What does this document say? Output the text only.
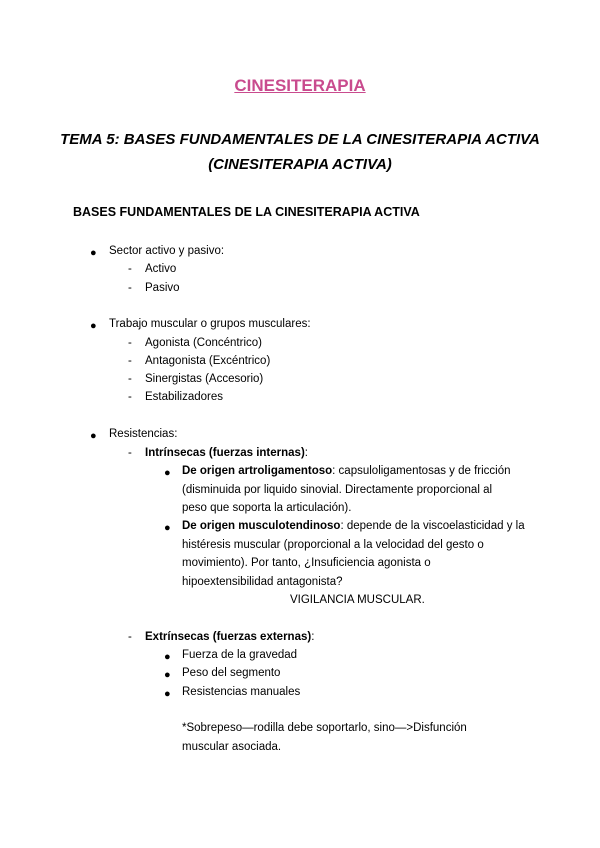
CINESITERAPIA
TEMA 5: BASES FUNDAMENTALES DE LA CINESITERAPIA ACTIVA
(CINESITERAPIA ACTIVA)
BASES FUNDAMENTALES DE LA CINESITERAPIA ACTIVA
● Sector activo y pasivo:
- Activo
- Pasivo
● Trabajo muscular o grupos musculares:
- Agonista (Concéntrico)
- Antagonista (Excéntrico)
- Sinergistas (Accesorio)
- Estabilizadores
● Resistencias:
- Intrínsecas (fuerzas internas):
● De origen artroligamentoso: capsuloligamentosas y de fricción
(disminuida por liquido sinovial. Directamente proporcional al
peso que soporta la articulación).
● De origen musculotendinoso: depende de la viscoelasticidad y la
histéresis muscular (proporcional a la velocidad del gesto o
movimiento). Por tanto, ¿Insuficiencia agonista o
hipoextensibilidad antagonista?
VIGILANCIA MUSCULAR.
- Extrínsecas (fuerzas externas):
● Fuerza de la gravedad
● Peso del segmento
● Resistencias manuales
*Sobrepeso—rodilla debe soportarlo, sino—>Disfunción
muscular asociada.
